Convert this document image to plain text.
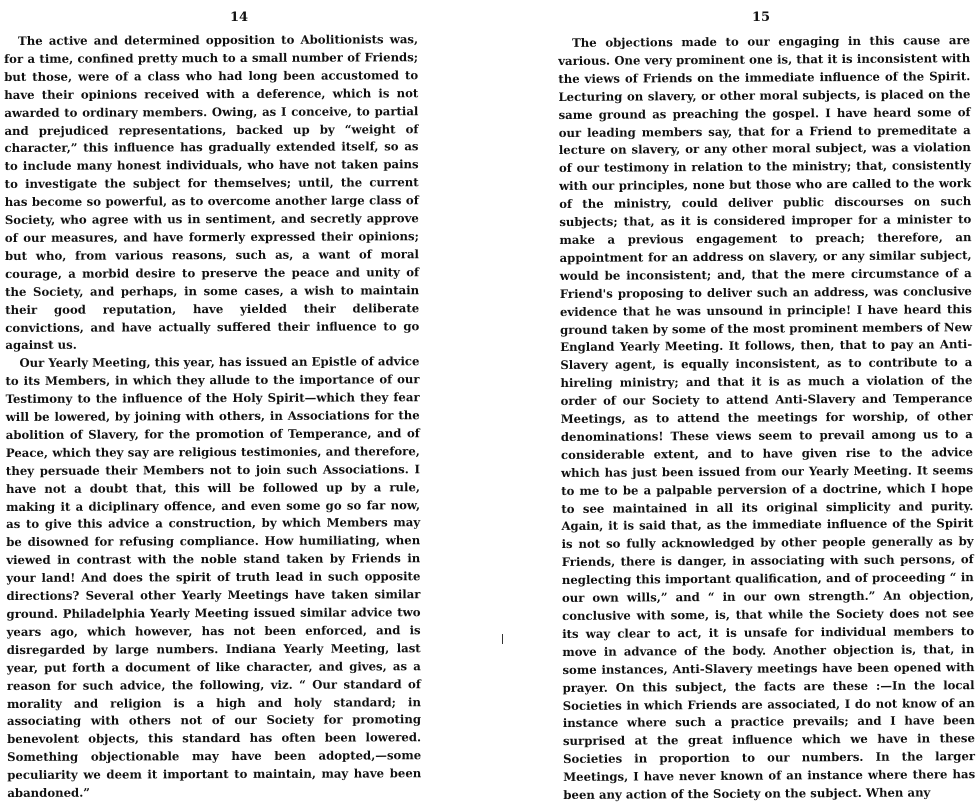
14

The active and determined opposition to Abolitionists was, for a time, confined pretty much to a small number of Friends; but those, were of a class who had long been accustomed to have their opinions received with a deference, which is not awarded to ordinary members. Owing, as I conceive, to partial and prejudiced representations, backed up by “weight of character,” this influence has gradually extended itself, so as to include many honest individuals, who have not taken pains to investigate the subject for themselves; until, the current has become so powerful, as to overcome another large class of Society, who agree with us in sentiment, and secretly approve of our measures, and have formerly expressed their opinions; but who, from various reasons, such as, a want of moral courage, a morbid desire to preserve the peace and unity of the Society, and perhaps, in some cases, a wish to maintain their good reputation, have yielded their deliberate convictions, and have actually suffered their influence to go against us.

Our Yearly Meeting, this year, has issued an Epistle of advice to its Members, in which they allude to the importance of our Testimony to the influence of the Holy Spirit—which they fear will be lowered, by joining with others, in Associations for the abolition of Slavery, for the promotion of Temperance, and of Peace, which they say are religious testimonies, and therefore, they persuade their Members not to join such Associations. I have not a doubt that, this will be followed up by a rule, making it a diciplinary offence, and even some go so far now, as to give this advice a construction, by which Members may be disowned for refusing compliance. How humiliating, when viewed in contrast with the noble stand taken by Friends in your land! And does the spirit of truth lead in such opposite directions? Several other Yearly Meetings have taken similar ground. Philadelphia Yearly Meeting issued similar advice two years ago, which however, has not been enforced, and is disregarded by large numbers. Indiana Yearly Meeting, last year, put forth a document of like character, and gives, as a reason for such advice, the following, viz. “ Our standard of morality and religion is a high and holy standard; in associating with others not of our Society for promoting benevolent objects, this standard has often been lowered. Something objectionable may have been adopted,—some peculiarity we deem it important to maintain, may have been abandoned.”

15

The objections made to our engaging in this cause are various. One very prominent one is, that it is inconsistent with the views of Friends on the immediate influence of the Spirit. Lecturing on slavery, or other moral subjects, is placed on the same ground as preaching the gospel. I have heard some of our leading members say, that for a Friend to premeditate a lecture on slavery, or any other moral subject, was a violation of our testimony in relation to the ministry; that, consistently with our principles, none but those who are called to the work of the ministry, could deliver public discourses on such subjects; that, as it is considered improper for a minister to make a previous engagement to preach; therefore, an appointment for an address on slavery, or any similar subject, would be inconsistent; and, that the mere circumstance of a Friend's proposing to deliver such an address, was conclusive evidence that he was unsound in principle! I have heard this ground taken by some of the most prominent members of New England Yearly Meeting. It follows, then, that to pay an Anti-Slavery agent, is equally inconsistent, as to contribute to a hireling ministry; and that it is as much a violation of the order of our Society to attend Anti-Slavery and Temperance Meetings, as to attend the meetings for worship, of other denominations! These views seem to prevail among us to a considerable extent, and to have given rise to the advice which has just been issued from our Yearly Meeting. It seems to me to be a palpable perversion of a doctrine, which I hope to see maintained in all its original simplicity and purity. Again, it is said that, as the immediate influence of the Spirit is not so fully acknowledged by other people generally as by Friends, there is danger, in associating with such persons, of neglecting this important qualification, and of proceeding “ in our own wills,” and “ in our own strength.” An objection, conclusive with some, is, that while the Society does not see its way clear to act, it is unsafe for individual members to move in advance of the body. Another objection is, that, in some instances, Anti-Slavery meetings have been opened with prayer. On this subject, the facts are these :—In the local Societies in which Friends are associated, I do not know of an instance where such a practice prevails; and I have been surprised at the great influence which we have in these Societies in proportion to our numbers. In the larger Meetings, I have never known of an instance where there has been any action of the Society on the subject. When any
